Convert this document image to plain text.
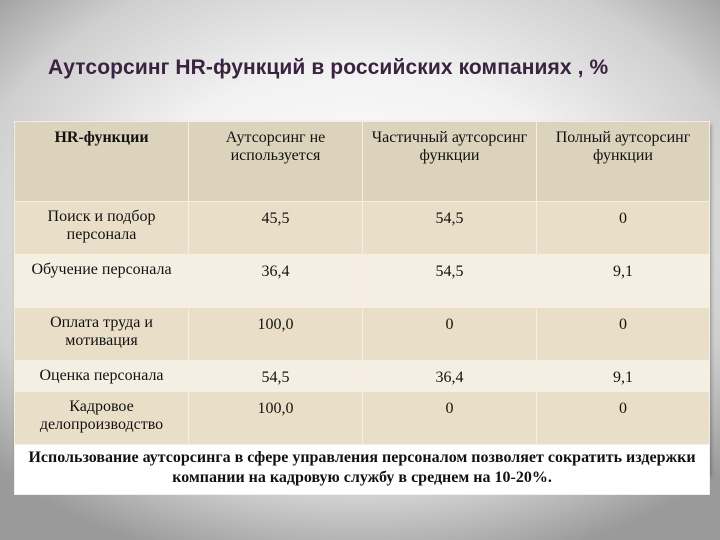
Аутсорсинг HR-функций в российских компаниях , %
HR-функции	Аутсорсинг не используется	Частичный аутсорсинг функции	Полный аутсорсинг функции
Поиск и подбор персонала	45,5	54,5	0
Обучение персонала	36,4	54,5	9,1
Оплата труда и мотивация	100,0	0	0
Оценка персонала	54,5	36,4	9,1
Кадровое делопроизводство	100,0	0	0
Использование аутсорсинга в сфере управления персоналом позволяет сократить издержки компании на кадровую службу в среднем на 10-20%.			
